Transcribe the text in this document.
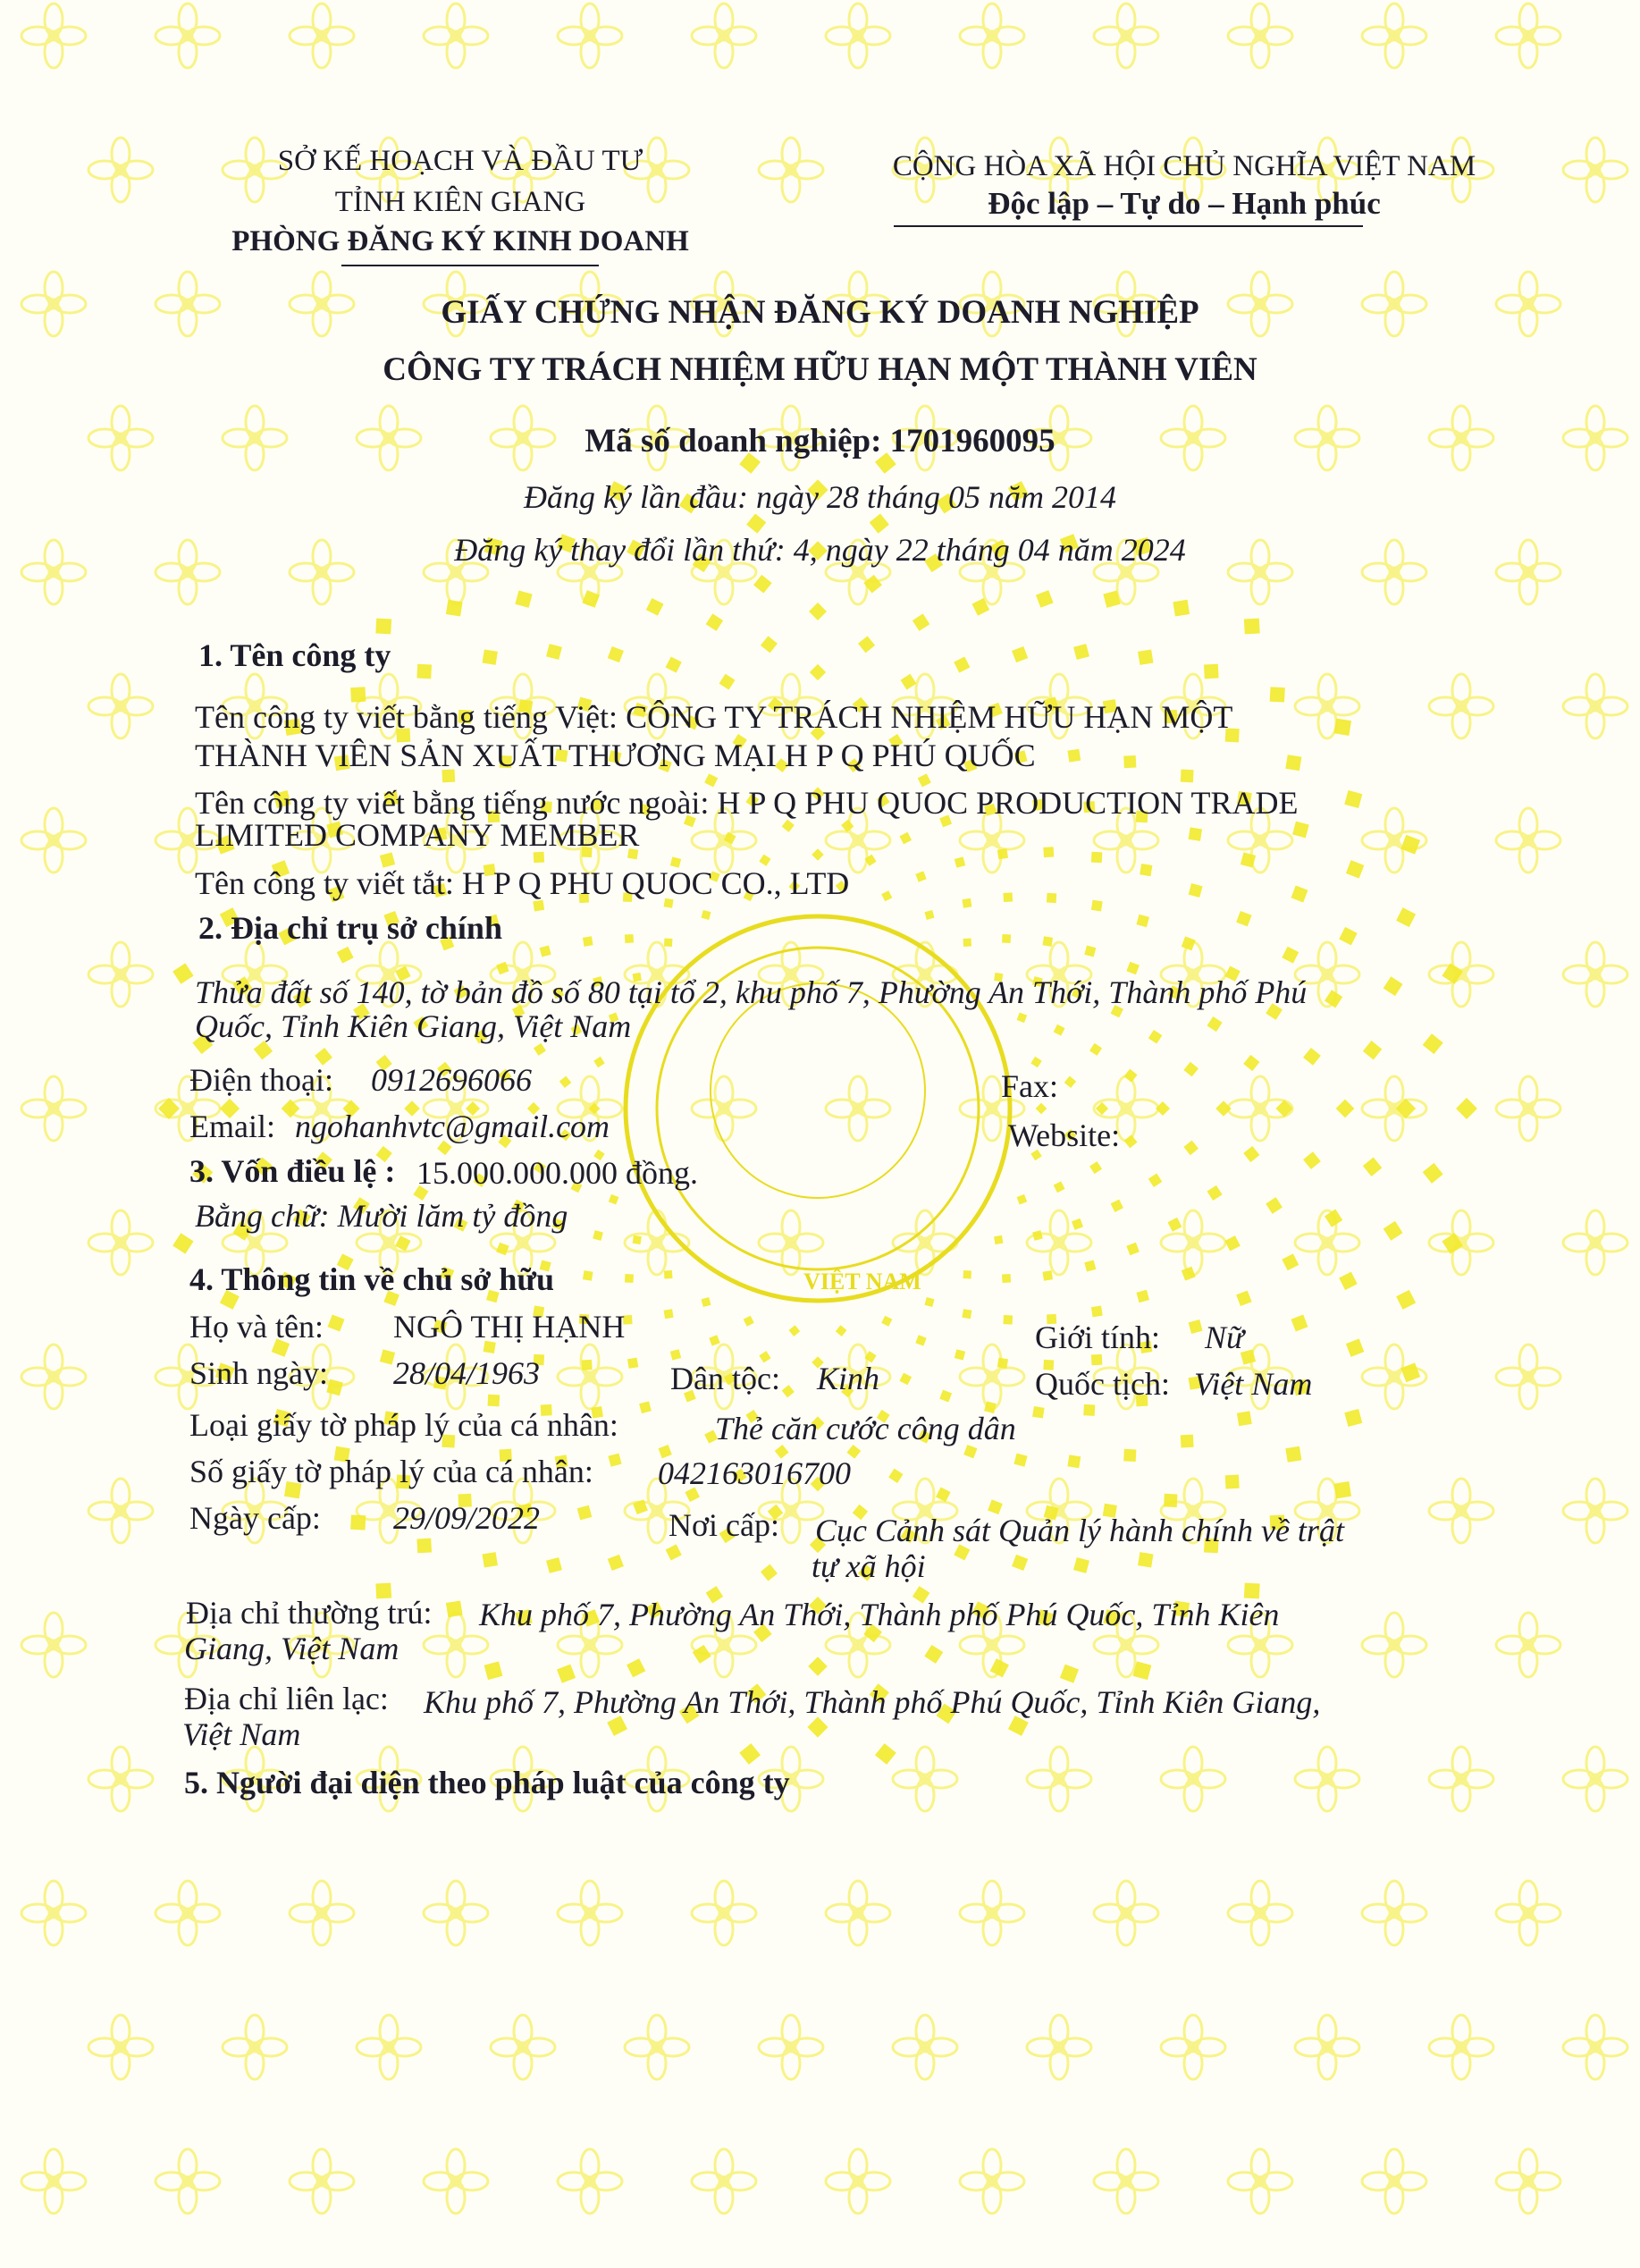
VIỆT NAM
SỞ KẾ HOẠCH VÀ ĐẦU TƯ
TỈNH KIÊN GIANG
PHÒNG ĐĂNG KÝ KINH DOANH
CỘNG HÒA XÃ HỘI CHỦ NGHĨA VIỆT NAM
Độc lập – Tự do – Hạnh phúc
GIẤY CHỨNG NHẬN ĐĂNG KÝ DOANH NGHIỆP
CÔNG TY TRÁCH NHIỆM HỮU HẠN MỘT THÀNH VIÊN
Mã số doanh nghiệp: 1701960095
Đăng ký lần đầu: ngày 28 tháng 05 năm 2014
Đăng ký thay đổi lần thứ: 4, ngày 22 tháng 04 năm 2024
1. Tên công ty
Tên công ty viết bằng tiếng Việt: CÔNG TY TRÁCH NHIỆM HỮU HẠN MỘT
THÀNH VIÊN SẢN XUẤT THƯƠNG MẠI H P Q PHÚ QUỐC
Tên công ty viết bằng tiếng nước ngoài: H P Q PHU QUOC PRODUCTION TRADE
LIMITED COMPANY MEMBER
Tên công ty viết tắt: H P Q PHU QUOC CO., LTD
2. Địa chỉ trụ sở chính
Thửa đất số 140, tờ bản đồ số 80 tại tổ 2, khu phố 7, Phường An Thới, Thành phố Phú
Quốc, Tỉnh Kiên Giang, Việt Nam
Điện thoại: 0912696066	Fax:
Email: ngohanhvtc@gmail.com	Website:
3. Vốn điều lệ : 15.000.000.000 đồng.
Bằng chữ: Mười lăm tỷ đồng
4. Thông tin về chủ sở hữu
Họ và tên: NGÔ THỊ HẠNH	Giới tính: Nữ
Sinh ngày: 28/04/1963	Dân tộc: Kinh	Quốc tịch: Việt Nam
Loại giấy tờ pháp lý của cá nhân:	Thẻ căn cước công dân
Số giấy tờ pháp lý của cá nhân: 042163016700
Ngày cấp: 29/09/2022	Nơi cấp: Cục Cảnh sát Quản lý hành chính về trật
tự xã hội
Địa chỉ thường trú: Khu phố 7, Phường An Thới, Thành phố Phú Quốc, Tỉnh Kiên
Giang, Việt Nam
Địa chỉ liên lạc: Khu phố 7, Phường An Thới, Thành phố Phú Quốc, Tỉnh Kiên Giang,
Việt Nam
5. Người đại diện theo pháp luật của công ty
